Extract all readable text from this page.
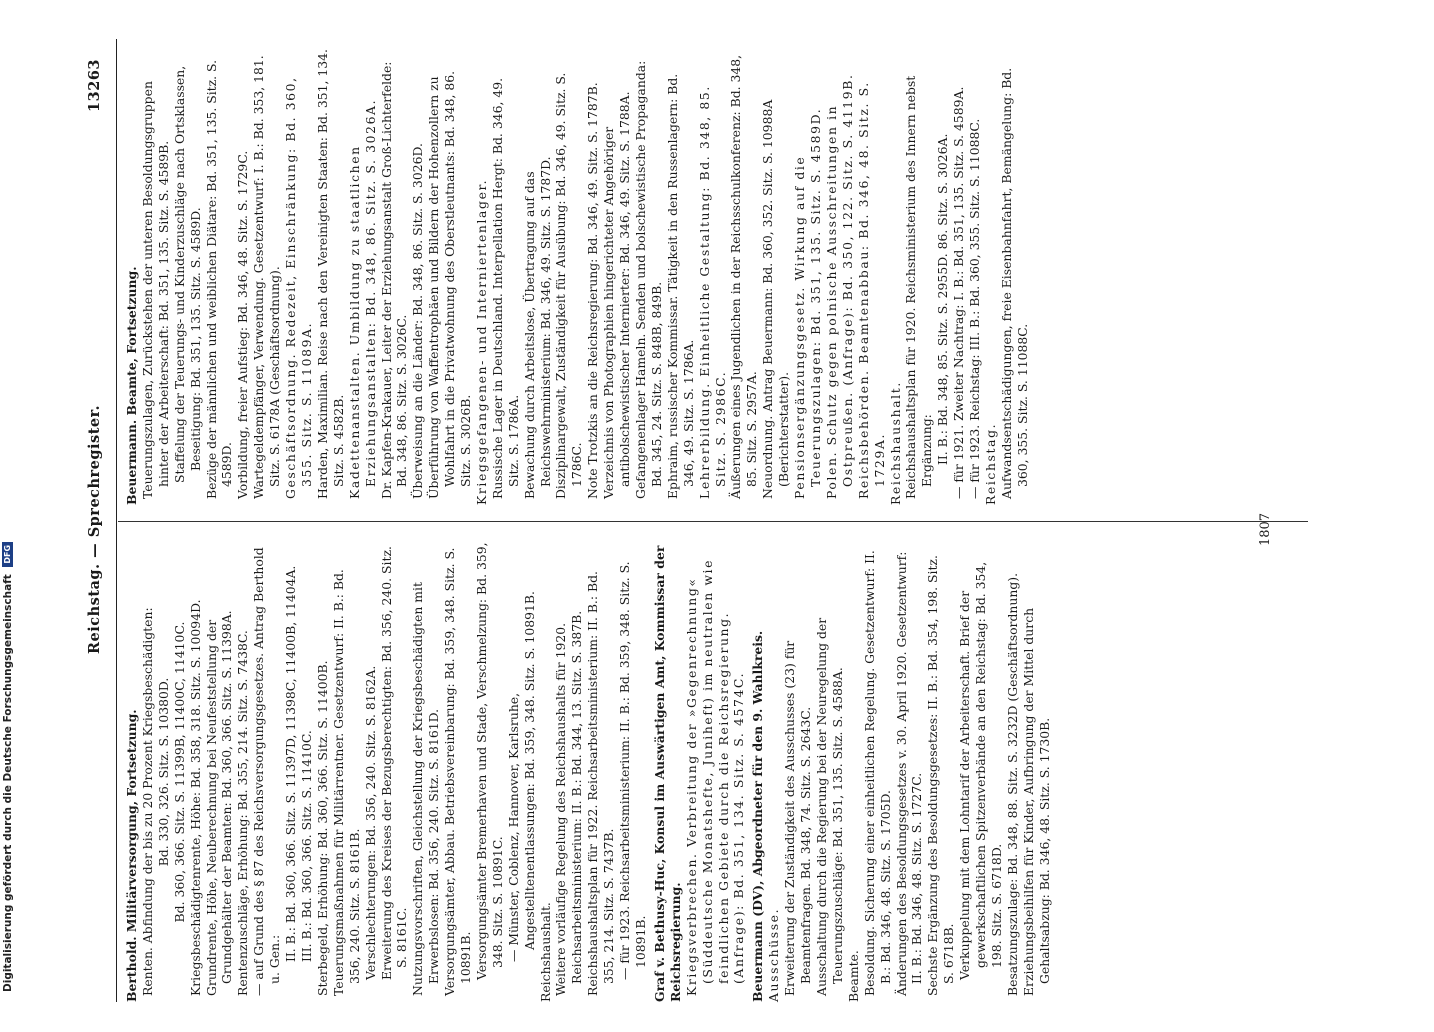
Reichstag. — Sprechregister.
13263

Berthold. Militärversorgung, Fortsetzung. Renten. Abfindung der bis zu 20 Prozent Kriegsbeschädigten: Bd. 330, 326. Sitz. S. 10380D. Bd. 360, 366. Sitz. S. 11399B, 11400C, 11410C. Kriegsbeschädigtenrente, Höhe: Bd. 358, 318. Sitz. S. 10094D. Grundrente, Höhe, Neuberechnung bei Neufeststellung der Grundgehälter der Beamten: Bd. 360, 366. Sitz. S. 11398A. Rentenzuschläge, Erhöhung: Bd. 355, 214. Sitz. S. 7438C. — auf Grund des § 87 des Reichsversorgungsgesetzes. Antrag Berthold u. Gen.: II. B.: Bd. 360, 366. Sitz. S. 11397D, 11398C, 11400B, 11404A. III. B.: Bd. 360, 366. Sitz. S. 11410C. Sterbegeld, Erhöhung: Bd. 360, 366. Sitz. S. 11400B. Teuerungsmaßnahmen für Militärrentner. Gesetzentwurf: II. B.: Bd. 356, 240. Sitz. S. 8161B. Verschlechterungen: Bd. 356, 240. Sitz. S. 8162A. Erweiterung des Kreises der Bezugsberechtigten: Bd. 356, 240. Sitz. S. 8161C. Nutzungsvorschriften, Gleichstellung der Kriegsbeschädigten mit Erwerbslosen: Bd. 356, 240. Sitz. S. 8161D. Versorgungsämter, Abbau. Betriebsvereinbarung: Bd. 359, 348. Sitz. S. 10891B. Versorgungsämter Bremerhaven und Stade, Verschmelzung: Bd. 359, 348. Sitz. S. 10891C. — Münster, Coblenz, Hannover, Karlsruhe, Angestelltenentlassungen: Bd. 359, 348. Sitz. S. 10891B.

Reichshaushalt. Weitere vorläufige Regelung des Reichshaushalts für 1920. Reichsarbeitsministerium: II. B.: Bd. 344, 13. Sitz. S. 387B. Reichshaushaltsplan für 1922. Reichsarbeitsministerium: II. B.: Bd. 355, 214. Sitz. S. 7437B. — für 1923. Reichsarbeitsministerium: II. B.: Bd. 359, 348. Sitz. S. 10891B. Graf v. Bethusy-Huc, Konsul im Auswärtigen Amt, Kommissar der Reichsregierung. Kriegsverbrechen. Verbreitung der »Gegenrechnung« (Süddeutsche Monatshefte, Juniheft) im neutralen wie feindlichen Gebiete durch die Reichsregierung. (Anfrage): Bd. 351, 134. Sitz. S. 4574C. Beuermann (DV), Abgeordneter für den 9. Wahlkreis. Ausschüsse. Erweiterung der Zuständigkeit des Ausschusses (23) für Beamtenfragen. Bd. 348, 74. Sitz. S. 2643C. Ausschaltung durch die Regierung bei der Neuregelung der Teuerungszuschläge: Bd. 351, 135. Sitz. S. 4588A. Beamte. Besoldung. Sicherung einer einheitlichen Regelung. Gesetzentwurf: II. B.: Bd. 346, 48. Sitz. S. 1705D. Änderungen des Besoldungsgesetzes v. 30. April 1920. Gesetzentwurf: II. B.: Bd. 346, 48. Sitz. S. 1727C. Sechste Ergänzung des Besoldungsgesetzes: II. B.: Bd. 354, 198. Sitz. S. 6718B. Verkuppelung mit dem Lohntarif der Arbeiterschaft. Brief der gewerkschaftlichen Spitzenverbände an den Reichstag: Bd. 354, 198. Sitz. S. 6718D. Besatzungszulage: Bd. 348, 88. Sitz. S. 3232D (Geschäftsordnung). Erziehungsbeihilfen für Kinder, Aufbringung der Mittel durch Gehaltsabzug: Bd. 346, 48. Sitz. S. 1730B.

Beuermann. Beamte, Fortsetzung. Teuerungszulagen, Zurückstehen der unteren Besoldungsgruppen hinter der Arbeiterschaft: Bd. 351, 135. Sitz. S. 4589B. Staffelung der Teuerungs- und Kinderzuschläge nach Ortsklassen, Beseitigung: Bd. 351, 135. Sitz. S. 4589D. Bezüge der männlichen und weiblichen Diätare: Bd. 351, 135. Sitz. S. 4589D. Vorbildung, freier Aufstieg: Bd. 346, 48. Sitz. S. 1729C. Wartegeldempfänger, Verwendung. Gesetzentwurf: I. B.: Bd. 353, 181. Sitz. S. 6178A (Geschäftsordnung). Geschäftsordnung. Redezeit, Einschränkung: Bd. 360, 355. Sitz. S. 11089A. Harden, Maximilian. Reise nach den Vereinigten Staaten: Bd. 351, 134. Sitz. S. 4582B. Kadettenanstalten. Umbildung zu staatlichen Erziehungsanstalten: Bd. 348, 86. Sitz. S. 3026A. Dr. Kapfen-Krakauer, Leiter der Erziehungsanstalt Groß-Lichterfelde: Bd. 348, 86. Sitz. S. 3026C. Überweisung an die Länder: Bd. 348, 86. Sitz. S. 3026D. Überführung von Waffentrophäen und Bildern der Hohenzollern zu Wohlfahrt in die Privatwohnung des Oberstleutnants: Bd. 348, 86. Sitz. S. 3026B. Kriegsgefangenen- und Interniertenlager. Russische Lager in Deutschland. Interpellation Hergt: Bd. 346, 49. Sitz. S. 1786A. Bewachung durch Arbeitslose, Übertragung auf das Reichswehrministerium: Bd. 346, 49. Sitz. S. 1787D. Disziplinargewalt, Zuständigkeit für Ausübung: Bd. 346, 49. Sitz. S. 1786C. Note Trotzkis an die Reichsregierung: Bd. 346, 49. Sitz. S. 1787B. Verzeichnis von Photographien hingerichteter Angehöriger antibolschewistischer Internierter: Bd. 346, 49. Sitz. S. 1788A. Gefangenenlager Hameln. Senden und bolschewistische Propaganda: Bd. 345, 24. Sitz. S. 848B, 849B. Ephraim, russischer Kommissar. Tätigkeit in den Russenlagern: Bd. 346, 49. Sitz. S. 1786A. Lehrerbildung. Einheitliche Gestaltung: Bd. 348, 85. Sitz. S. 2986C. Äußerungen eines Jugendlichen in der Reichsschulkonferenz: Bd. 348, 85. Sitz. S. 2957A. Neuordnung. Antrag Beuermann: Bd. 360, 352. Sitz. S. 10988A (Berichterstatter). Pensionsergänzungsgesetz. Wirkung auf die Teuerungszulagen: Bd. 351, 135. Sitz. S. 4589D. Polen. Schutz gegen polnische Ausschreitungen in Ostpreußen. (Anfrage): Bd. 350, 122. Sitz. S. 4119B. Reichsbehörden. Beamtenabbau: Bd. 346, 48. Sitz. S. 1729A. Reichshaushalt. Reichshaushaltsplan für 1920. Reichsministerium des Innern nebst Ergänzung: II. B.: Bd. 348, 85. Sitz. S. 2955D. 86. Sitz. S. 3026A. — für 1921. Zweiter Nachtrag: I. B.: Bd. 351, 135. Sitz. S. 4589A. — für 1923. Reichstag: III. B.: Bd. 360, 355. Sitz. S. 11088C. Reichstag. Aufwandsentschädigungen, freie Eisenbahnfahrt, Bemängelung: Bd. 360, 355. Sitz. S. 11088C.

1807
Digitalisierung gefördert durch die Deutsche Forschungsgemeinschaft DFG
